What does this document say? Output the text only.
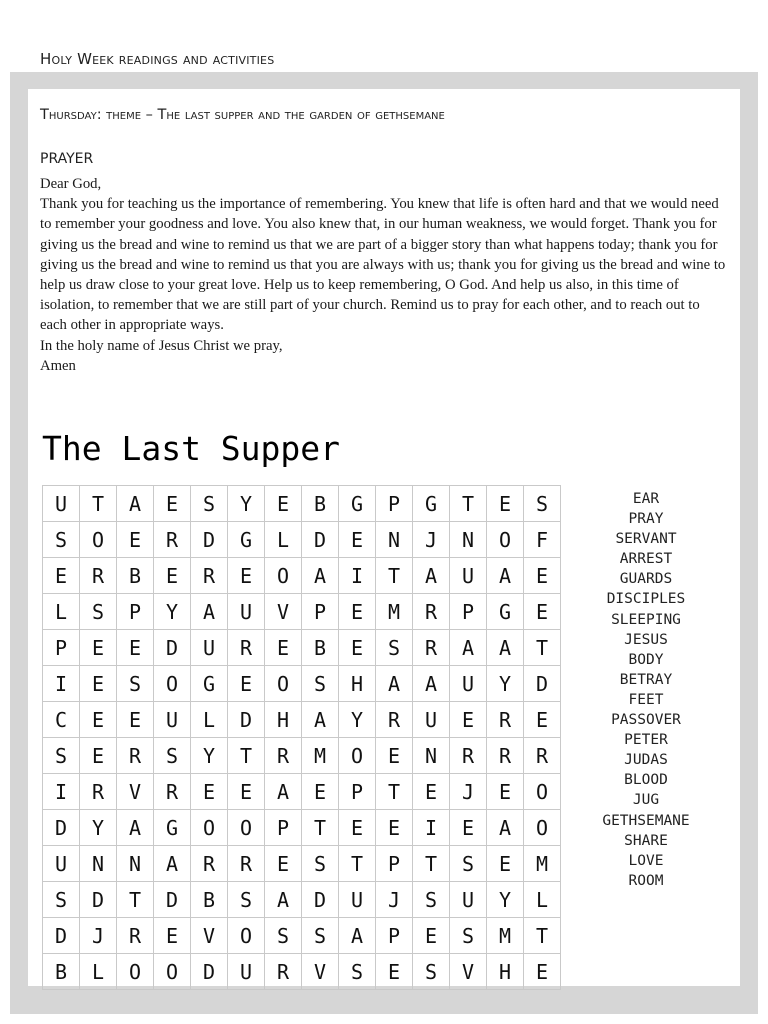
Holy Week readings and activities
Thursday: theme – The last supper and the garden of gethsemane
PRAYER

Dear God,

Thank you for teaching us the importance of remembering. You knew that life is often hard and that we would need to remember your goodness and love. You also knew that, in our human weakness, we would forget. Thank you for giving us the bread and wine to remind us that we are part of a bigger story than what happens today; thank you for giving us the bread and wine to remind us that you are always with us; thank you for giving us the bread and wine to help us draw close to your great love. Help us to keep remembering, O God. And help us also, in this time of isolation, to remember that we are still part of your church. Remind us to pray for each other, and to reach out to each other in appropriate ways.

In the holy name of Jesus Christ we pray,

Amen

The Last Supper
U	T	A	E	S	Y	E	B	G	P	G	T	E	S
S	O	E	R	D	G	L	D	E	N	J	N	O	F
E	R	B	E	R	E	O	A	I	T	A	U	A	E
L	S	P	Y	A	U	V	P	E	M	R	P	G	E
P	E	E	D	U	R	E	B	E	S	R	A	A	T
I	E	S	O	G	E	O	S	H	A	A	U	Y	D
C	E	E	U	L	D	H	A	Y	R	U	E	R	E
S	E	R	S	Y	T	R	M	O	E	N	R	R	R
I	R	V	R	E	E	A	E	P	T	E	J	E	O
D	Y	A	G	O	O	P	T	E	E	I	E	A	O
U	N	N	A	R	R	E	S	T	P	T	S	E	M
S	D	T	D	B	S	A	D	U	J	S	U	Y	L
D	J	R	E	V	O	S	S	A	P	E	S	M	T
B	L	O	O	D	U	R	V	S	E	S	V	H	E
EAR
PRAY
SERVANT
ARREST
GUARDS
DISCIPLES
SLEEPING
JESUS
BODY
BETRAY
FEET
PASSOVER
PETER
JUDAS
BLOOD
JUG
GETHSEMANE
SHARE
LOVE
ROOM
